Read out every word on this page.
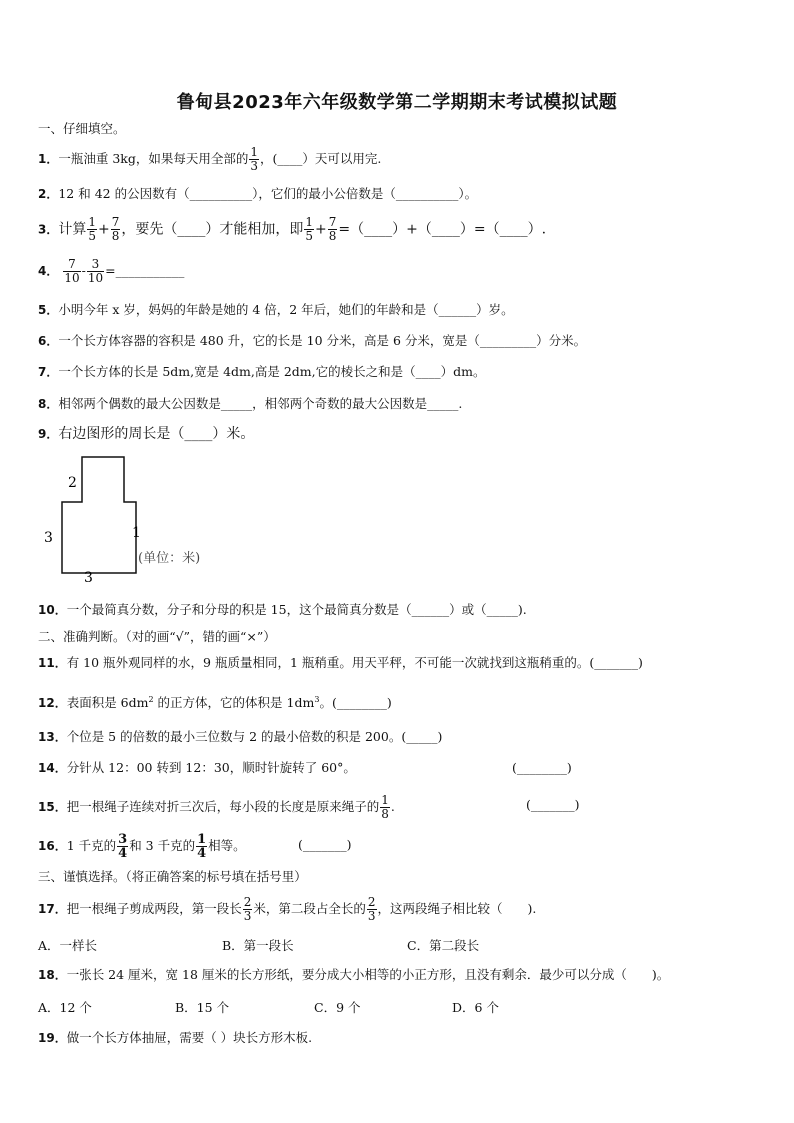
鲁甸县2023年六年级数学第二学期期末考试模拟试题
一、仔细填空。
1．一瓶油重 3kg，如果每天用全部的 $\frac{1}{3}$ ，(____）天可以用完.
2．12 和 42 的公因数有（__________），它们的最小公倍数是（__________）。
3．计算 $\frac{1}{5} + \frac{7}{8}$ ，要先（____）才能相加，即 $\frac{1}{5} + \frac{7}{8}$ =（____）+（____）=（____）.
4． $\frac{7}{10} - \frac{3}{10}$ =___________
5．小明今年 x 岁，妈妈的年龄是她的 4 倍，2 年后，她们的年龄和是（______）岁。
6．一个长方体容器的容积是 480 升，它的长是 10 分米，高是 6 分米，宽是（_________）分米。
7．一个长方体的长是 5dm,宽是 4dm,高是 2dm,它的棱长之和是（____）dm。
8．相邻两个偶数的最大公因数是_____，相邻两个奇数的最大公因数是_____.
9．右边图形的周长是（____）米。
2
3	1
3
(单位：米)
10．一个最简真分数，分子和分母的积是 15，这个最简真分数是（______）或（_____).
二、准确判断。（对的画“√”，错的画“×”）
11．有 10 瓶外观同样的水，9 瓶质量相同，1 瓶稍重。用天平秤，不可能一次就找到这瓶稍重的。(_______)
12．表面积是 $6dm^2$ 的正方体，它的体积是 $1dm^3$。(________)
13．个位是 5 的倍数的最小三位数与 2 的最小倍数的积是 200。(_____)
14．分针从 12：00 转到 12：30，顺时针旋转了 60°。	(________)
15．把一根绳子连续对折三次后，每小段的长度是原来绳子的 $\frac{1}{8}$ .	(_______)
16．1 千克的 $\frac{3}{4}$ 和 3 千克的 $\frac{1}{4}$ 相等。	(_______)
三、谨慎选择。（将正确答案的标号填在括号里）
17．把一根绳子剪成两段，第一段长 $\frac{2}{3}$ 米，第二段占全长的 $\frac{2}{3}$ ，这两段绳子相比较（　　).
A．一样长	B．第一段长	C．第二段长
18．一张长 24 厘米，宽 18 厘米的长方形纸，要分成大小相等的小正方形，且没有剩余．最少可以分成（　　)。
A．12 个	B．15 个	C．9 个	D．6 个
19．做一个长方体抽屉，需要（ ）块长方形木板.
